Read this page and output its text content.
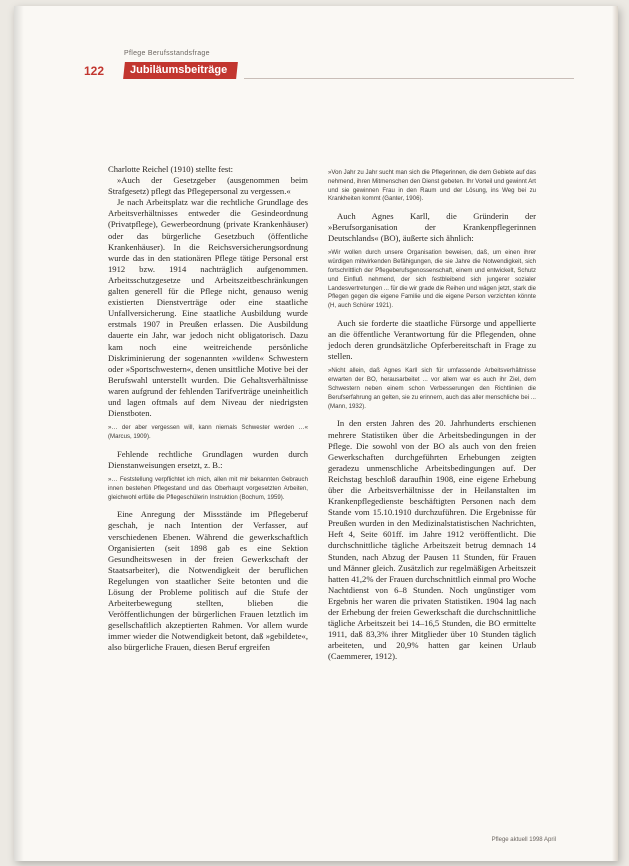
Pflege Berufsstandsfrage
122	Jubiläumsbeiträge

Charlotte Reichel (1910) stellte fest:

»Auch der Gesetzgeber (ausgenommen beim Strafgesetz) pflegt das Pflegepersonal zu vergessen.«

Je nach Arbeitsplatz war die rechtliche Grundlage des Arbeitsverhältnisses entweder die Gesindeordnung (Privatpflege), Gewerbeordnung (private Krankenhäuser) oder das bürgerliche Gesetzbuch (öffentliche Krankenhäuser). In die Reichsversicherungsordnung wurde das in den stationären Pflege tätige Personal erst 1912 bzw. 1914 nachträglich aufgenommen. Arbeitsschutzgesetze und Arbeitszeitbeschränkungen galten generell für die Pflege nicht, genauso wenig existierten Dienstverträge oder eine staatliche Unfallversicherung. Eine staatliche Ausbildung wurde erstmals 1907 in Preußen erlassen. Die Ausbildung dauerte ein Jahr, war jedoch nicht obligatorisch. Dazu kam noch eine weitreichende persönliche Diskriminierung der sogenannten »wilden« Schwestern oder »Sportschwestern«, denen unsittliche Motive bei der Berufswahl unterstellt wurden. Die Gehaltsverhältnisse waren aufgrund der fehlenden Tarifverträge uneinheitlich und lagen oftmals auf dem Niveau der niedrigsten Dienstboten.

»… der aber vergessen will, kann niemals Schwester werden …« (Marcus, 1909).

Fehlende rechtliche Grundlagen wurden durch Dienstanweisungen ersetzt, z. B.:

»… Feststellung verpflichtet ich mich, allen mit mir bekannten Gebrauch innen bestehen Pflegestand und das Oberhaupt vorgesetzten Arbeiten, gleichwohl erfülle die Pflegeschülerin Instruktion (Bochum, 1959).

Eine Anregung der Missstände im Pflegeberuf geschah, je nach Intention der Verfasser, auf verschiedenen Ebenen. Während die gewerkschaftlich Organisierten (seit 1898 gab es eine Sektion Gesundheitswesen in der freien Gewerkschaft der Staatsarbeiter), die Notwendigkeit der beruflichen Regelungen von staatlicher Seite betonten und die Lösung der Probleme politisch auf die Stufe der Arbeiterbewegung stellten, blieben die Veröffentlichungen der bürgerlichen Frauen letztlich im gesellschaftlich akzeptierten Rahmen. Vor allem wurde immer wieder die Notwendigkeit betont, daß »gebildete«, also bürgerliche Frauen, diesen Beruf ergreifen

»Von Jahr zu Jahr sucht man sich die Pflegerinnen, die dem Gebiete auf das nehmend, ihren Mitmenschen den Dienst gebeten. Ihr Vorteil und gewinnt Art und sie gewinnen Frau in den Raum und der Lösung, ins Weg bei zu Krankheiten kommt (Ganter, 1906).

Auch Agnes Karll, die Gründerin der »Berufsorganisation der Krankenpflegerinnen Deutschlands« (BO), äußerte sich ähnlich:

»Wir wollen durch unsere Organisation beweisen, daß, um einen ihrer würdigen mitwirkenden Befähigungen, die sie Jahre die Notwendigkeit, sich fortschrittlich der Pflegeberufsgenossenschaft, einem und entwickelt, Schutz und Einfluß nehmend, der sich festbleibend sich jungerer sozialer Landesvertretungen ... für die wir grade die Reihen und wägen jetzt, stark die Pflegen gegen die eigene Familie und die eigene Person verzichten könnte (H, auch Schürer 1921).

Auch sie forderte die staatliche Fürsorge und appellierte an die öffentliche Verantwortung für die Pflegenden, ohne jedoch deren grundsätzliche Opferbereitschaft in Frage zu stellen.

»Nicht allein, daß Agnes Karll sich für umfassende Arbeitsverhältnisse erwarten der BO, herausarbeitet ... vor allem war es auch ihr Ziel, dem Schwestern neben einem schon Verbesserungen den Richtlinien die Berufserfahrung an gelten, sie zu erinnern, auch das aller menschliche bei ... (Mann, 1932).

In den ersten Jahren des 20. Jahrhunderts erschienen mehrere Statistiken über die Arbeitsbedingungen in der Pflege. Die sowohl von der BO als auch von den freien Gewerkschaften durchgeführten Erhebungen zeigten geradezu unmenschliche Arbeitsbedingungen auf. Der Reichstag beschloß daraufhin 1908, eine eigene Erhebung über die Arbeitsverhältnisse der in Heilanstalten im Krankenpflegedienste beschäftigten Personen nach dem Stande vom 15.10.1910 durchzuführen. Die Ergebnisse für Preußen wurden in den Medizinalstatistischen Nachrichten, Heft 4, Seite 601ff. im Jahre 1912 veröffentlicht. Die durchschnittliche tägliche Arbeitszeit betrug demnach 14 Stunden, nach Abzug der Pausen 11 Stunden, für Frauen und Männer gleich. Zusätzlich zur regelmäßigen Arbeitszeit hatten 41,2% der Frauen durchschnittlich einmal pro Woche Nachtdienst von 6–8 Stunden. Noch ungünstiger vom Ergebnis her waren die privaten Statistiken. 1904 lag nach der Erhebung der freien Gewerkschaft die durchschnittliche tägliche Arbeitszeit bei 14–16,5 Stunden, die BO ermittelte 1911, daß 83,3% ihrer Mitglieder über 10 Stunden täglich arbeiteten, und 20,9% hatten gar keinen Urlaub (Caemmerer, 1912).

Pflege aktuell 1998 April
